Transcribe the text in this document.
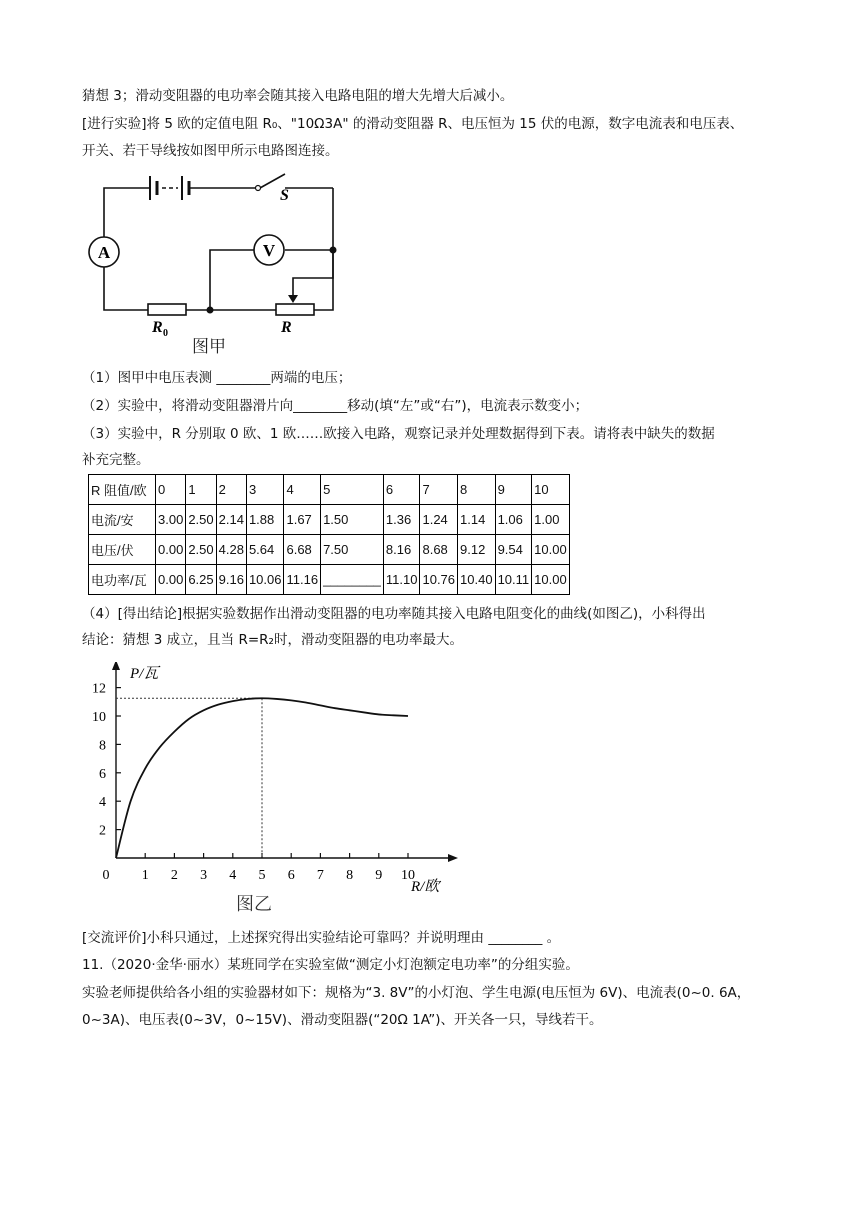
猜想 3；滑动变阻器的电功率会随其接入电路电阻的增大先增大后减小。
[进行实验]将 5 欧的定值电阻 R₀、"10Ω3A" 的滑动变阻器 R、电压恒为 15 伏的电源，数字电流表和电压表、
开关、若干导线按如图甲所示电路图连接。
A	V
S
R 0	R
图甲
（1）图甲中电压表测 ________两端的电压；
（2）实验中，将滑动变阻器滑片向________移动(填“左”或“右”)，电流表示数变小；
（3）实验中，R 分别取 0 欧、1 欧……欧接入电路，观察记录并处理数据得到下表。请将表中缺失的数据
补充完整。
R 阻值/欧	0	1	2	3	4	5	6	7	8	9	10
电流/安	3.00	2.50	2.14	1.88	1.67	1.50	1.36	1.24	1.14	1.06	1.00
电压/伏	0.00	2.50	4.28	5.64	6.68	7.50	8.16	8.68	9.12	9.54	10.00
电功率/瓦	0.00	6.25	9.16	10.06	11.16	________	11.10	10.76	10.40	10.11	10.00
（4）[得出结论]根据实验数据作出滑动变阻器的电功率随其接入电路电阻变化的曲线(如图乙)，小科得出
结论：猜想 3 成立，且当 R=R₂时，滑动变阻器的电功率最大。
0 1 2 3 4 5 6 7 8 9 10
2
4
6
8
10
12
P/瓦
R/欧
图乙
[交流评价]小科只通过，上述探究得出实验结论可靠吗？并说明理由 ________ 。
11.（2020·金华·丽水）某班同学在实验室做“测定小灯泡额定电功率”的分组实验。
实验老师提供给各小组的实验器材如下：规格为“3. 8V”的小灯泡、学生电源(电压恒为 6V)、电流表(0~0. 6A，
0~3A)、电压表(0~3V，0~15V)、滑动变阻器(“20Ω 1A”)、开关各一只，导线若干。
